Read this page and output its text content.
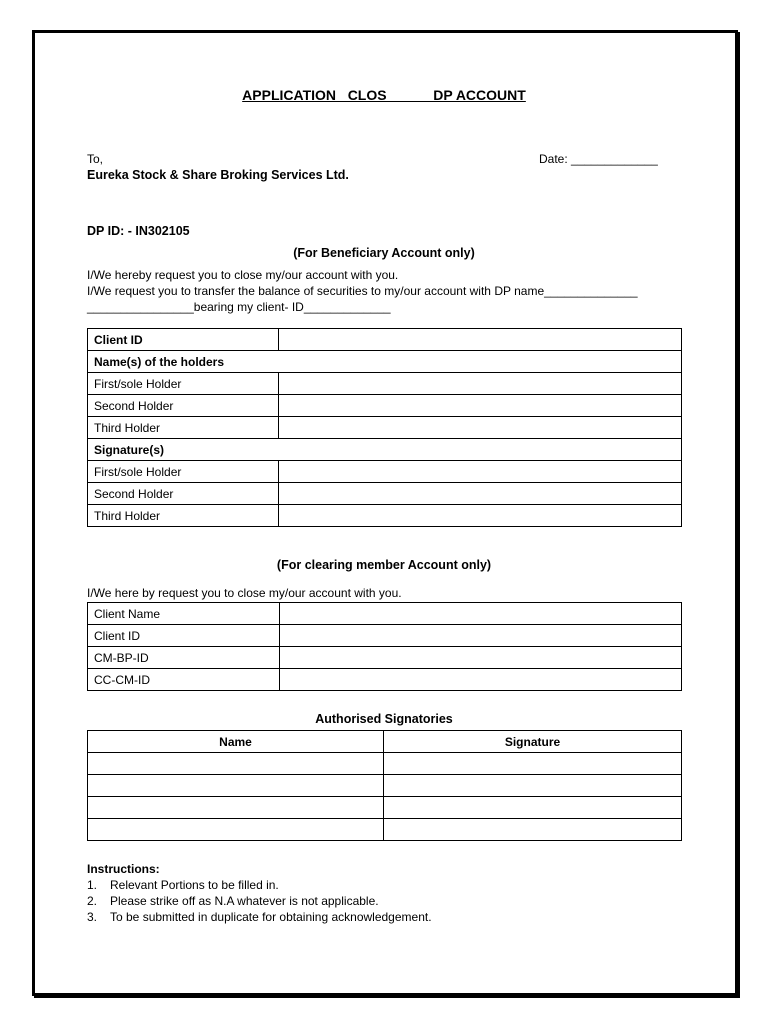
APPLICATION   CLOS            DP ACCOUNT
To,	Date: _____________
Eureka Stock & Share Broking Services Ltd.
DP ID: - IN302105
(For Beneficiary Account only)
I/We hereby request you to close my/our account with you.
I/We request you to transfer the balance of securities to my/our account with DP name______________
________________bearing my client- ID_____________
Client ID	
Name(s) of the holders	
First/sole Holder	
Second Holder	
Third Holder	
Signature(s)	
First/sole Holder	
Second Holder	
Third Holder	
(For clearing member Account only)
I/We here by request you to close my/our account with you.
Client Name	
Client ID	
CM-BP-ID	
CC-CM-ID	
Authorised Signatories
Name	Signature

Instructions:
1.	Relevant Portions to be filled in.
2.	Please strike off as N.A whatever is not applicable.
3.	To be submitted in duplicate for obtaining acknowledgement.
